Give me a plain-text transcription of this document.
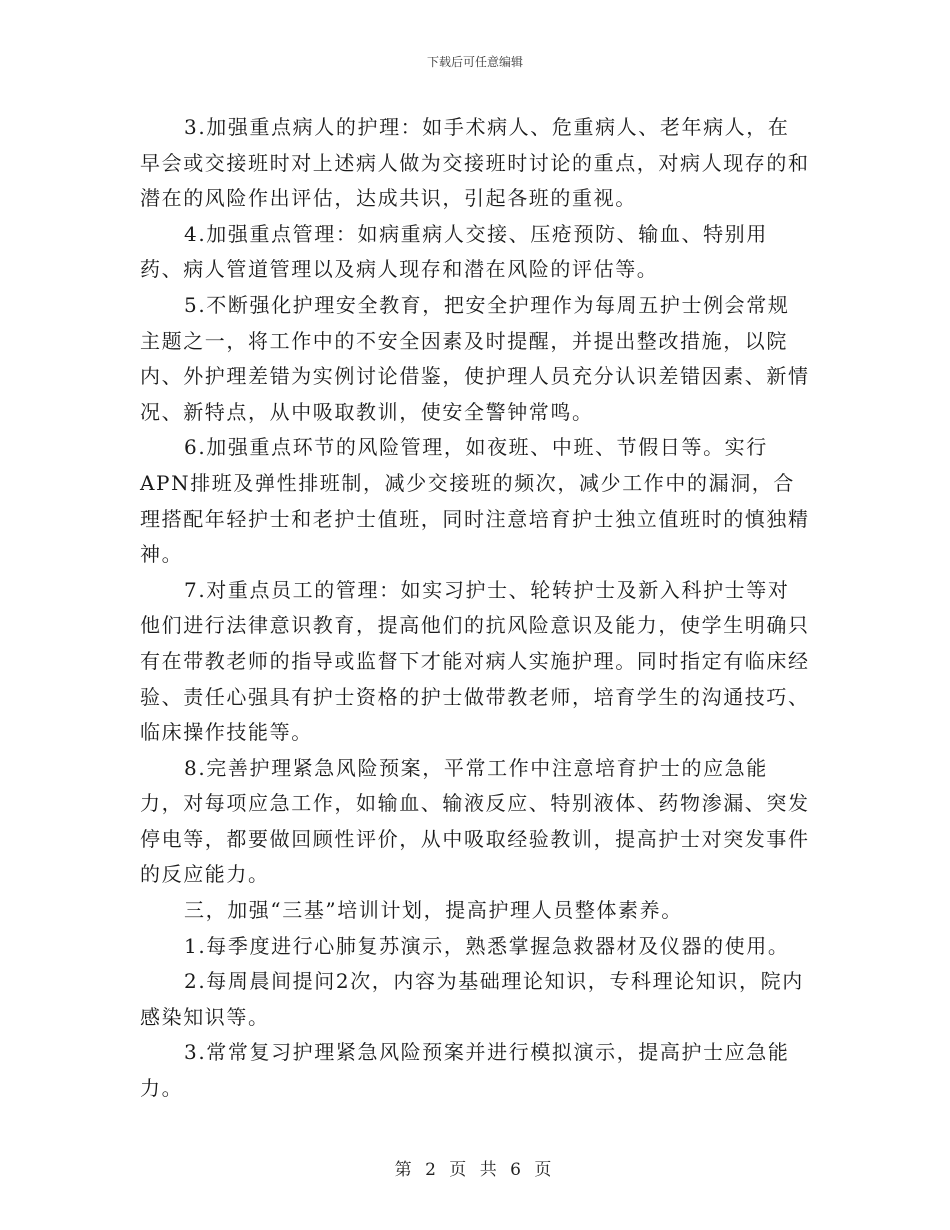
下载后可任意编辑

3.加强重点病人的护理：如手术病人、危重病人、老年病人，在早会或交接班时对上述病人做为交接班时讨论的重点，对病人现存的和潜在的风险作出评估，达成共识，引起各班的重视。

4.加强重点管理：如病重病人交接、压疮预防、输血、特别用药、病人管道管理以及病人现存和潜在风险的评估等。

5.不断强化护理安全教育，把安全护理作为每周五护士例会常规主题之一，将工作中的不安全因素及时提醒，并提出整改措施，以院内、外护理差错为实例讨论借鉴，使护理人员充分认识差错因素、新情况、新特点，从中吸取教训，使安全警钟常鸣。

6.加强重点环节的风险管理，如夜班、中班、节假日等。实行APN排班及弹性排班制，减少交接班的频次，减少工作中的漏洞，合理搭配年轻护士和老护士值班，同时注意培育护士独立值班时的慎独精神。

7.对重点员工的管理：如实习护士、轮转护士及新入科护士等对他们进行法律意识教育，提高他们的抗风险意识及能力，使学生明确只有在带教老师的指导或监督下才能对病人实施护理。同时指定有临床经验、责任心强具有护士资格的护士做带教老师，培育学生的沟通技巧、临床操作技能等。

8.完善护理紧急风险预案，平常工作中注意培育护士的应急能力，对每项应急工作，如输血、输液反应、特别液体、药物渗漏、突发停电等，都要做回顾性评价，从中吸取经验教训，提高护士对突发事件的反应能力。

三，加强“三基”培训计划，提高护理人员整体素养。

1.每季度进行心肺复苏演示，熟悉掌握急救器材及仪器的使用。

2.每周晨间提问2次，内容为基础理论知识，专科理论知识，院内感染知识等。

3.常常复习护理紧急风险预案并进行模拟演示，提高护士应急能力。

第 2 页 共 6 页
